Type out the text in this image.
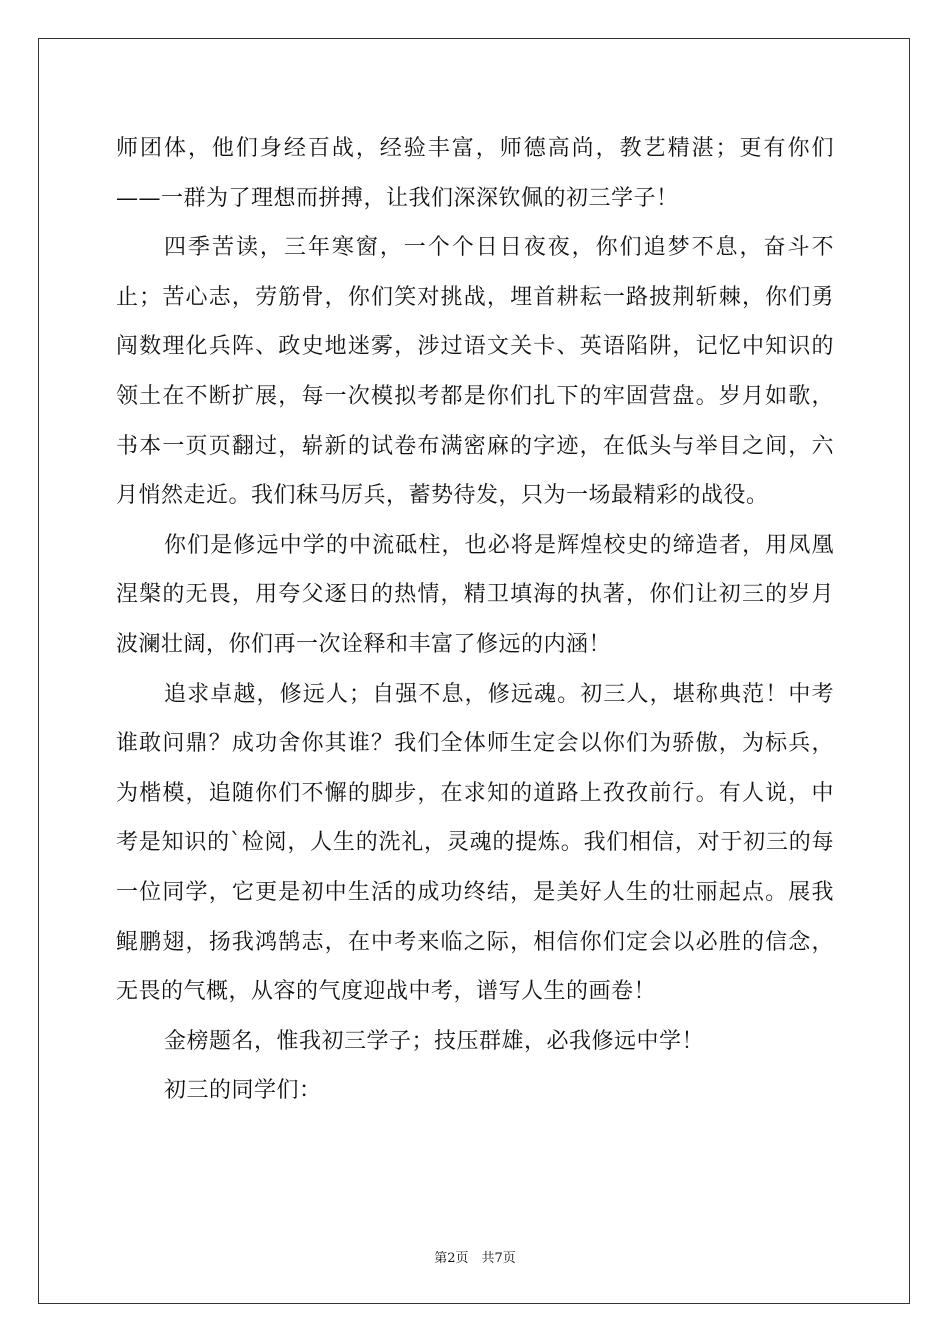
师团体，他们身经百战，经验丰富，师德高尚，教艺精湛；更有你们——一群为了理想而拼搏，让我们深深钦佩的初三学子！

四季苦读，三年寒窗，一个个日日夜夜，你们追梦不息，奋斗不止；苦心志，劳筋骨，你们笑对挑战，埋首耕耘一路披荆斩棘，你们勇闯数理化兵阵、政史地迷雾，涉过语文关卡、英语陷阱，记忆中知识的领土在不断扩展，每一次模拟考都是你们扎下的牢固营盘。岁月如歌，书本一页页翻过，崭新的试卷布满密麻的字迹，在低头与举目之间，六月悄然走近。我们秣马厉兵，蓄势待发，只为一场最精彩的战役。

你们是修远中学的中流砥柱，也必将是辉煌校史的缔造者，用凤凰涅槃的无畏，用夸父逐日的热情，精卫填海的执著，你们让初三的岁月波澜壮阔，你们再一次诠释和丰富了修远的内涵！

追求卓越，修远人；自强不息，修远魂。初三人，堪称典范！中考谁敢问鼎？成功舍你其谁？我们全体师生定会以你们为骄傲，为标兵，为楷模，追随你们不懈的脚步，在求知的道路上孜孜前行。有人说，中考是知识的`检阅，人生的洗礼，灵魂的提炼。我们相信，对于初三的每一位同学，它更是初中生活的成功终结，是美好人生的壮丽起点。展我鲲鹏翅，扬我鸿鹄志，在中考来临之际，相信你们定会以必胜的信念，无畏的气概，从容的气度迎战中考，谱写人生的画卷！

金榜题名，惟我初三学子；技压群雄，必我修远中学！

初三的同学们：

第2页　共7页
